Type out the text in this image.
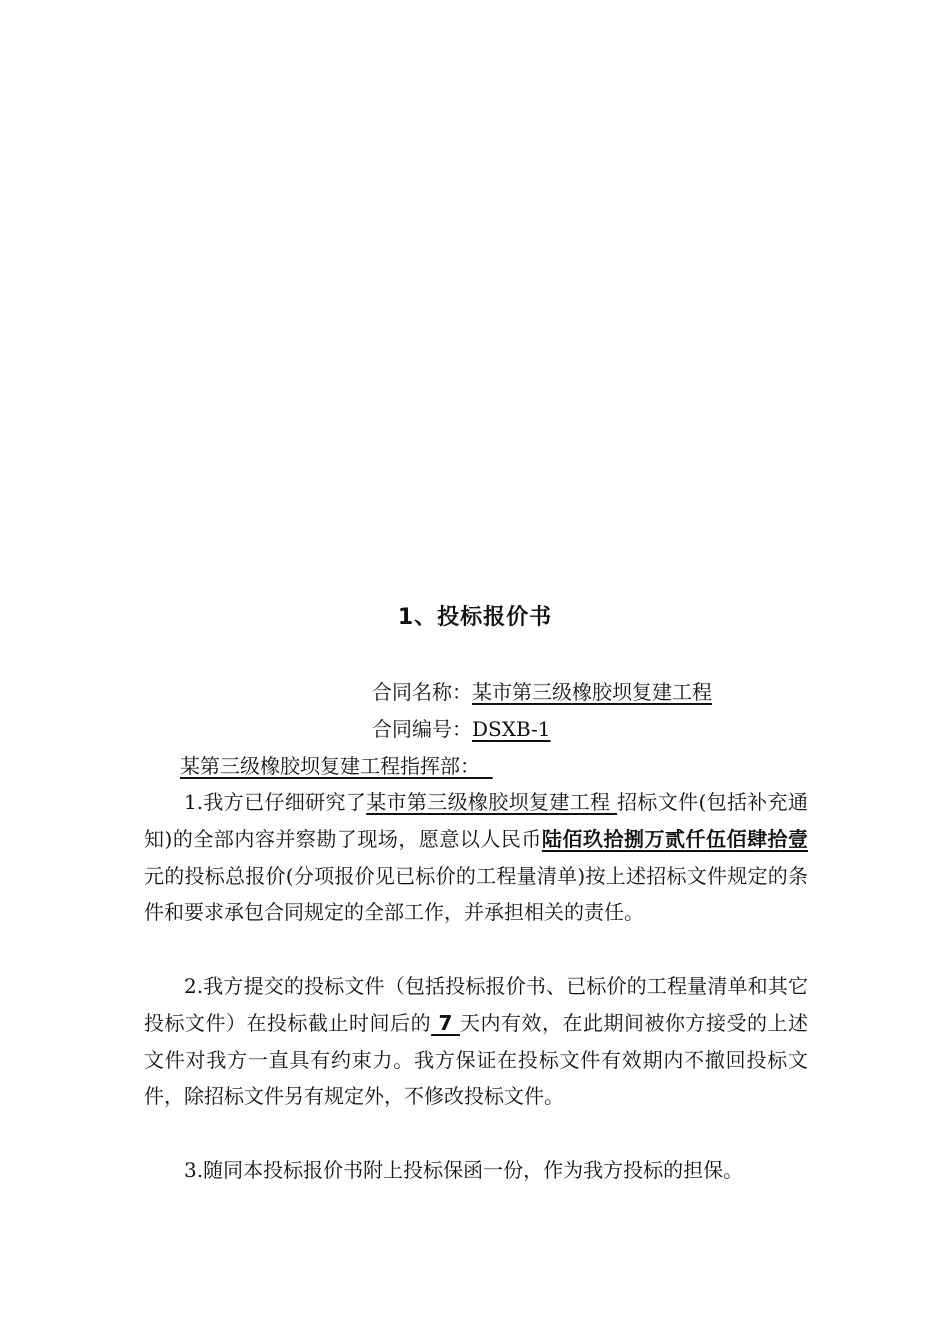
1、投标报价书
合同名称：某市第三级橡胶坝复建工程
合同编号：DSXB-1
某第三级橡胶坝复建工程指挥部：
1.我方已仔细研究了某市第三级橡胶坝复建工程 招标文件(包括补充通知)的全部内容并察勘了现场，愿意以人民币陆佰玖拾捌万贰仟伍佰肆拾壹元的投标总报价(分项报价见已标价的工程量清单)按上述招标文件规定的条件和要求承包合同规定的全部工作，并承担相关的责任。
2.我方提交的投标文件（包括投标报价书、已标价的工程量清单和其它投标文件）在投标截止时间后的 7 天内有效，在此期间被你方接受的上述文件对我方一直具有约束力。我方保证在投标文件有效期内不撤回投标文件，除招标文件另有规定外，不修改投标文件。
3.随同本投标报价书附上投标保函一份，作为我方投标的担保。
